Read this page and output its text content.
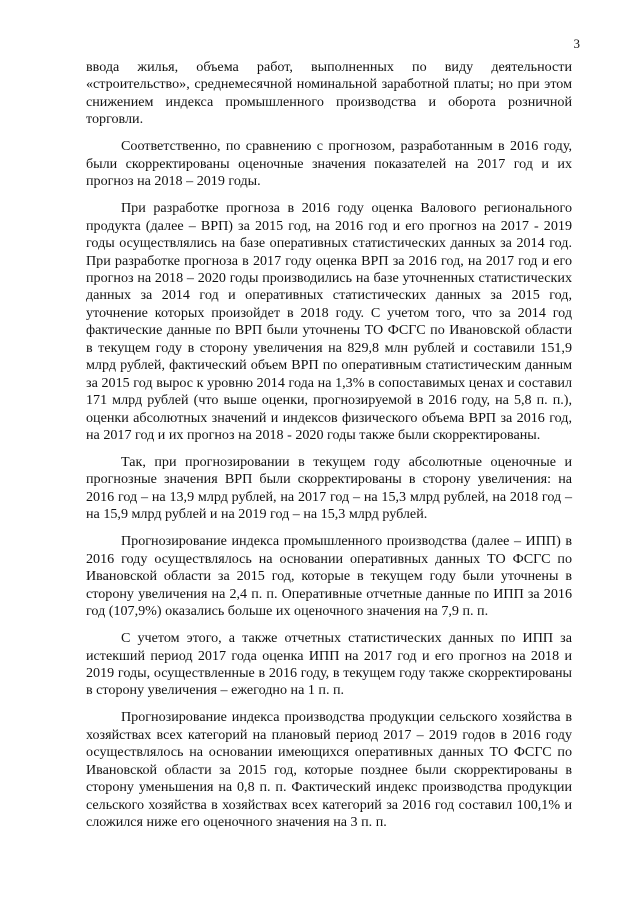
3

ввода жилья, объема работ, выполненных по виду деятельности «строительство», среднемесячной номинальной заработной платы; но при этом снижением индекса промышленного производства и оборота розничной торговли.

Соответственно, по сравнению с прогнозом, разработанным в 2016 году, были скорректированы оценочные значения показателей на 2017 год и их прогноз на 2018 – 2019 годы.

При разработке прогноза в 2016 году оценка Валового регионального продукта (далее – ВРП) за 2015 год, на 2016 год и его прогноз на 2017 - 2019 годы осуществлялись на базе оперативных статистических данных за 2014 год. При разработке прогноза в 2017 году оценка ВРП за 2016 год, на 2017 год и его прогноз на 2018 – 2020 годы производились на базе уточненных статистических данных за 2014 год и оперативных статистических данных за 2015 год, уточнение которых произойдет в 2018 году. С учетом того, что за 2014 год фактические данные по ВРП были уточнены ТО ФСГС по Ивановской области в текущем году в сторону увеличения на 829,8 млн рублей и составили 151,9 млрд рублей, фактический объем ВРП по оперативным статистическим данным за 2015 год вырос к уровню 2014 года на 1,3% в сопоставимых ценах и составил 171 млрд рублей (что выше оценки, прогнозируемой в 2016 году, на 5,8 п. п.), оценки абсолютных значений и индексов физического объема ВРП за 2016 год, на 2017 год и их прогноз на 2018 - 2020 годы также были скорректированы.

Так, при прогнозировании в текущем году абсолютные оценочные и прогнозные значения ВРП были скорректированы в сторону увеличения: на 2016 год – на 13,9 млрд рублей, на 2017 год – на 15,3 млрд рублей, на 2018 год – на 15,9 млрд рублей и на 2019 год – на 15,3 млрд рублей.

Прогнозирование индекса промышленного производства (далее – ИПП) в 2016 году осуществлялось на основании оперативных данных ТО ФСГС по Ивановской области за 2015 год, которые в текущем году были уточнены в сторону увеличения на 2,4 п. п. Оперативные отчетные данные по ИПП за 2016 год (107,9%) оказались больше их оценочного значения на 7,9 п. п.

С учетом этого, а также отчетных статистических данных по ИПП за истекший период 2017 года оценка ИПП на 2017 год и его прогноз на 2018 и 2019 годы, осуществленные в 2016 году, в текущем году также скорректированы в сторону увеличения – ежегодно на 1 п. п.

Прогнозирование индекса производства продукции сельского хозяйства в хозяйствах всех категорий на плановый период 2017 – 2019 годов в 2016 году осуществлялось на основании имеющихся оперативных данных ТО ФСГС по Ивановской области за 2015 год, которые позднее были скорректированы в сторону уменьшения на 0,8 п. п. Фактический индекс производства продукции сельского хозяйства в хозяйствах всех категорий за 2016 год составил 100,1% и сложился ниже его оценочного значения на 3 п. п.
